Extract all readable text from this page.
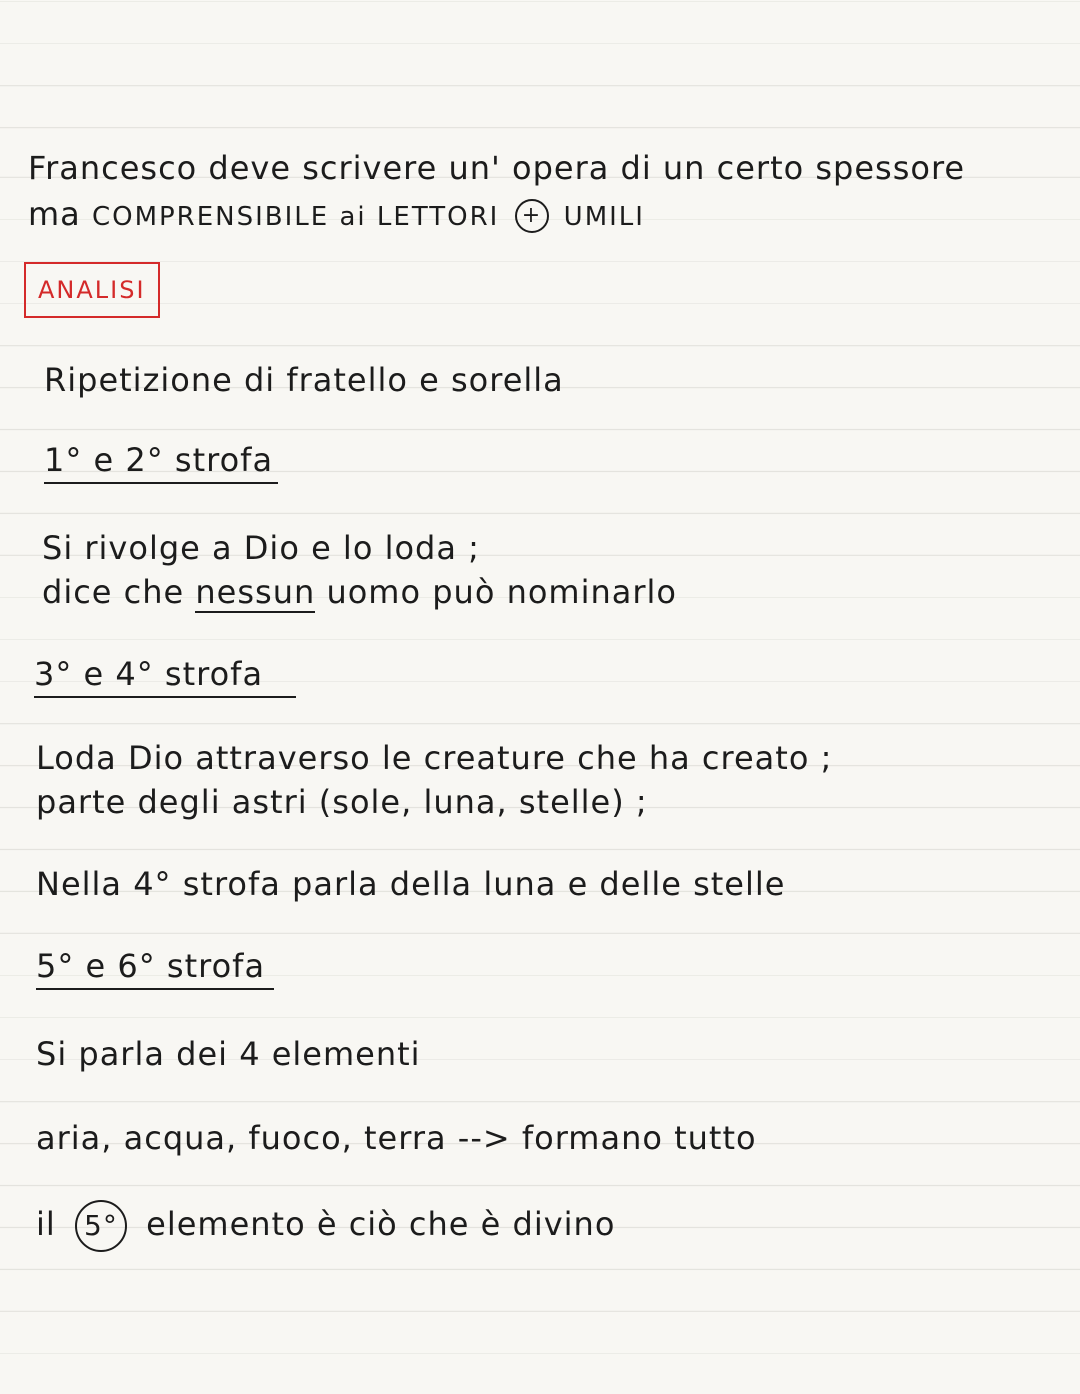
Francesco deve scrivere un' opera di un certo spessore
ma COMPRENSIBILE ai LETTORI + UMILI
ANALISI
Ripetizione di fratello e sorella
1° e 2° strofa
Si rivolge a Dio e lo loda ;
dice che nessun uomo può nominarlo
3° e 4° strofa
Loda Dio attraverso le creature che ha creato ;
parte degli astri (sole, luna, stelle) ;
Nella 4° strofa parla della luna e delle stelle
5° e 6° strofa
Si parla dei 4 elementi
aria, acqua, fuoco, terra --> formano tutto
il 5° elemento è ciò che è divino
